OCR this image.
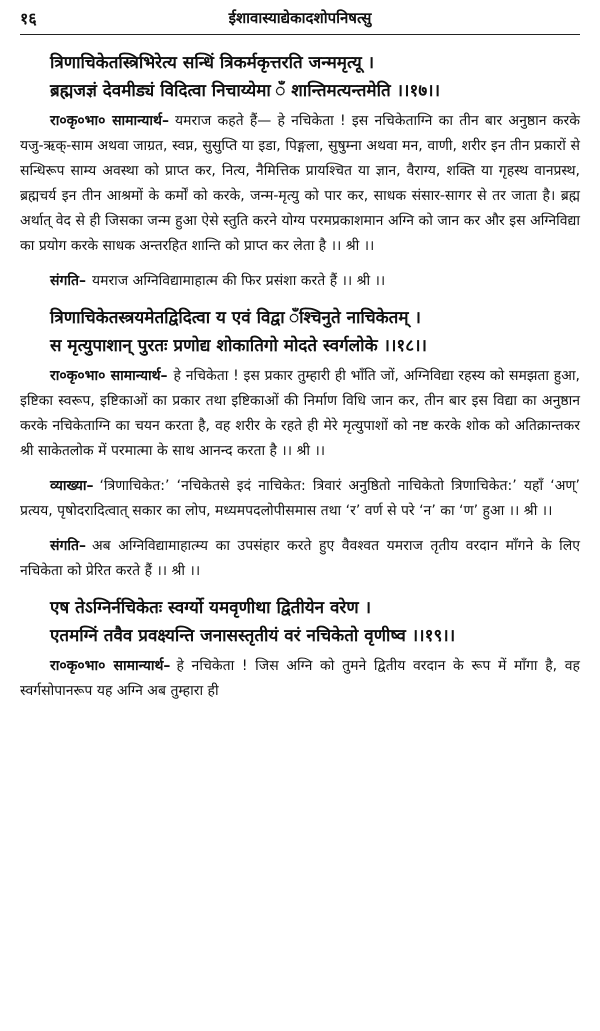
१६	ईशावास्याद्येकादशोपनिषत्सु
त्रिणाचिकेतस्त्रिभिरेत्य सन्धिं त्रिकर्मकृत्तरति जन्ममृत्यू ।
ब्रह्मजज्ञं देवमीड्यं विदित्वा निचाय्येमा ँ शान्तिमत्यन्तमेति ।।१७।।

रा०कृ०भा० सामान्यार्थ– यमराज कहते हैं— हे नचिकेता ! इस नचिकेताग्नि का तीन बार अनुष्ठान करके यजु-ऋक्-साम अथवा जाग्रत, स्वप्न, सुसुप्ति या इडा, पिङ्गला, सुषुम्ना अथवा मन, वाणी, शरीर इन तीन प्रकारों से सन्धिरूप साम्य अवस्था को प्राप्त कर, नित्य, नैमित्तिक प्रायश्चित या ज्ञान, वैराग्य, शक्ति या गृहस्थ वानप्रस्थ, ब्रह्मचर्य इन तीन आश्रमों के कर्मों को करके, जन्म-मृत्यु को पार कर, साधक संसार-सागर से तर जाता है। ब्रह्म अर्थात् वेद से ही जिसका जन्म हुआ ऐसे स्तुति करने योग्य परमप्रकाशमान अग्नि को जान कर और इस अग्निविद्या का प्रयोग करके साधक अन्तरहित शान्ति को प्राप्त कर लेता है ।। श्री ।।

संगति– यमराज अग्निविद्यामाहात्म की फिर प्रसंशा करते हैं ।। श्री ।।

त्रिणाचिकेतस्त्रयमेतद्विदित्वा य एवं विद्वा ँश्चिनुते नाचिकेतम् ।
स मृत्युपाशान् पुरतः प्रणोद्य शोकातिगो मोदते स्वर्गलोके ।।१८।।

रा०कृ०भा० सामान्यार्थ– हे नचिकेता ! इस प्रकार तुम्हारी ही भाँति जों, अग्निविद्या रहस्य को समझता हुआ, इष्टिका स्वरूप, इष्टिकाओं का प्रकार तथा इष्टिकाओं की निर्माण विधि जान कर, तीन बार इस विद्या का अनुष्ठान करके नचिकेताग्नि का चयन करता है, वह शरीर के रहते ही मेरे मृत्युपाशों को नष्ट करके शोक को अतिक्रान्तकर श्री साकेतलोक में परमात्मा के साथ आनन्द करता है ।। श्री ।।

व्याख्या– ‘त्रिणाचिकेत:’ ‘नचिकेतसे इदं नाचिकेत: त्रिवारं अनुष्ठितो नाचिकेतो त्रिणाचिकेत:’ यहाँ ‘अण्’ प्रत्यय, पृषोदरादित्वात् सकार का लोप, मध्यमपदलोपीसमास तथा ‘र’ वर्ण से परे ‘न’ का ‘ण’ हुआ ।। श्री ।।

संगति– अब अग्निविद्यामाहात्म्य का उपसंहार करते हुए वैवश्वत यमराज तृतीय वरदान माँगने के लिए नचिकेता को प्रेरित करते हैं ।। श्री ।।

एष तेऽग्निर्नचिकेतः स्वर्ग्यो यमवृणीथा द्वितीयेन वरेण ।
एतमग्निं तवैव प्रवक्ष्यन्ति जनासस्तृतीयं वरं नचिकेतो वृणीष्व ।।१९।।

रा०कृ०भा० सामान्यार्थ– हे नचिकेता ! जिस अग्नि को तुमने द्वितीय वरदान के रूप में माँगा है, वह स्वर्गसोपानरूप यह अग्नि अब तुम्हारा ही
